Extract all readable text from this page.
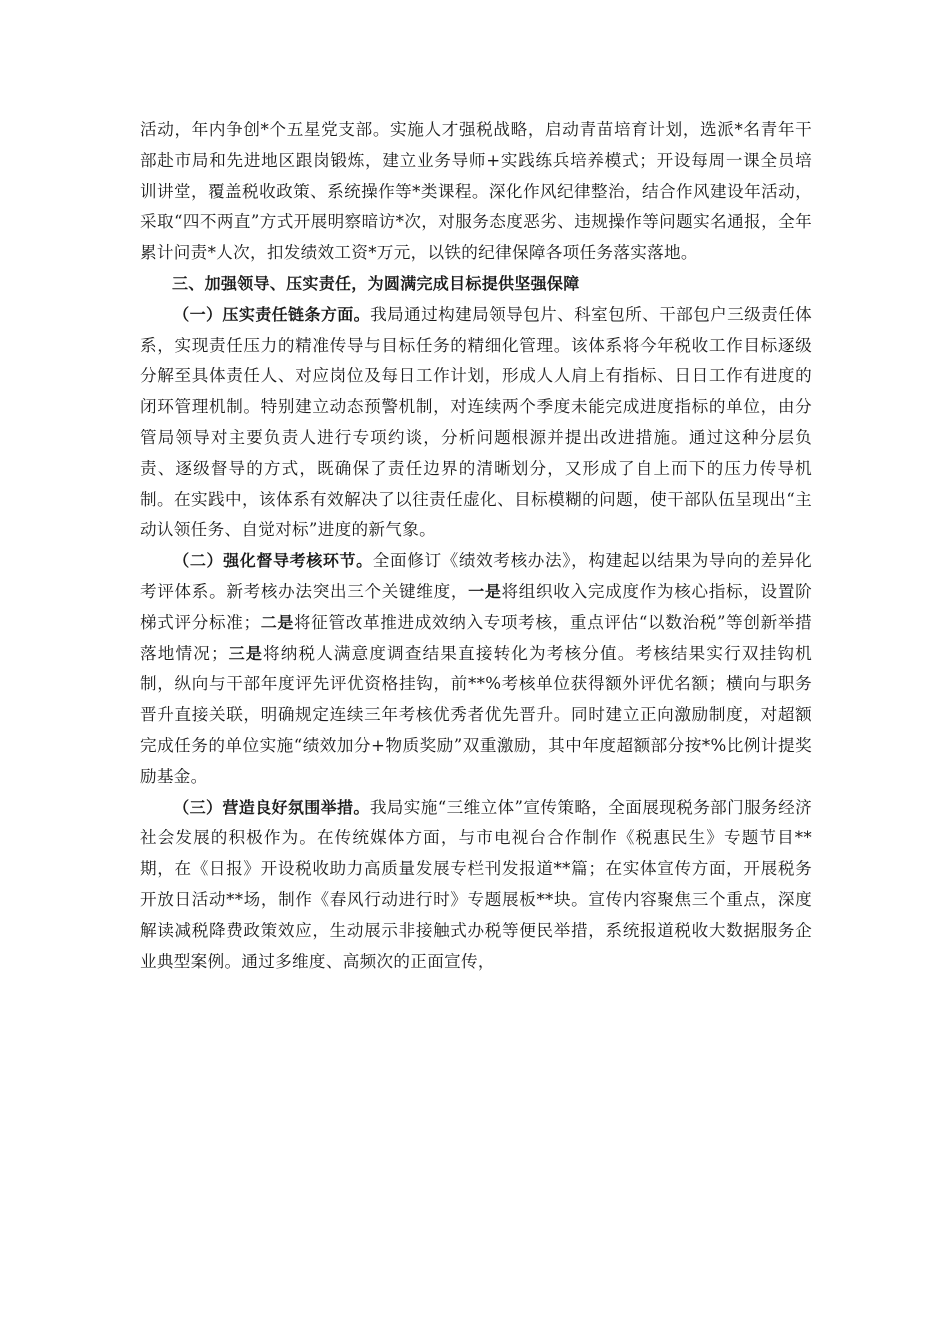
活动，年内争创*个五星党支部。实施人才强税战略，启动青苗培育计划，选派*名青年干部赴市局和先进地区跟岗锻炼，建立业务导师+实践练兵培养模式；开设每周一课全员培训讲堂，覆盖税收政策、系统操作等*类课程。深化作风纪律整治，结合作风建设年活动，采取“四不两直”方式开展明察暗访*次，对服务态度恶劣、违规操作等问题实名通报，全年累计问责*人次，扣发绩效工资*万元，以铁的纪律保障各项任务落实落地。

三、加强领导、压实责任，为圆满完成目标提供坚强保障

（一）压实责任链条方面。我局通过构建局领导包片、科室包所、干部包户三级责任体系，实现责任压力的精准传导与目标任务的精细化管理。该体系将今年税收工作目标逐级分解至具体责任人、对应岗位及每日工作计划，形成人人肩上有指标、日日工作有进度的闭环管理机制。特别建立动态预警机制，对连续两个季度未能完成进度指标的单位，由分管局领导对主要负责人进行专项约谈，分析问题根源并提出改进措施。通过这种分层负责、逐级督导的方式，既确保了责任边界的清晰划分，又形成了自上而下的压力传导机制。在实践中，该体系有效解决了以往责任虚化、目标模糊的问题，使干部队伍呈现出“主动认领任务、自觉对标”进度的新气象。

（二）强化督导考核环节。全面修订《绩效考核办法》，构建起以结果为导向的差异化考评体系。新考核办法突出三个关键维度，一是将组织收入完成度作为核心指标，设置阶梯式评分标准；二是将征管改革推进成效纳入专项考核，重点评估“以数治税”等创新举措落地情况；三是将纳税人满意度调查结果直接转化为考核分值。考核结果实行双挂钩机制，纵向与干部年度评先评优资格挂钩，前**%考核单位获得额外评优名额；横向与职务晋升直接关联，明确规定连续三年考核优秀者优先晋升。同时建立正向激励制度，对超额完成任务的单位实施“绩效加分+物质奖励”双重激励，其中年度超额部分按*%比例计提奖励基金。

（三）营造良好氛围举措。我局实施“三维立体”宣传策略，全面展现税务部门服务经济社会发展的积极作为。在传统媒体方面，与市电视台合作制作《税惠民生》专题节目**期，在《日报》开设税收助力高质量发展专栏刊发报道**篇；在实体宣传方面，开展税务开放日活动**场，制作《春风行动进行时》专题展板**块。宣传内容聚焦三个重点，深度解读减税降费政策效应，生动展示非接触式办税等便民举措，系统报道税收大数据服务企业典型案例。通过多维度、高频次的正面宣传，
